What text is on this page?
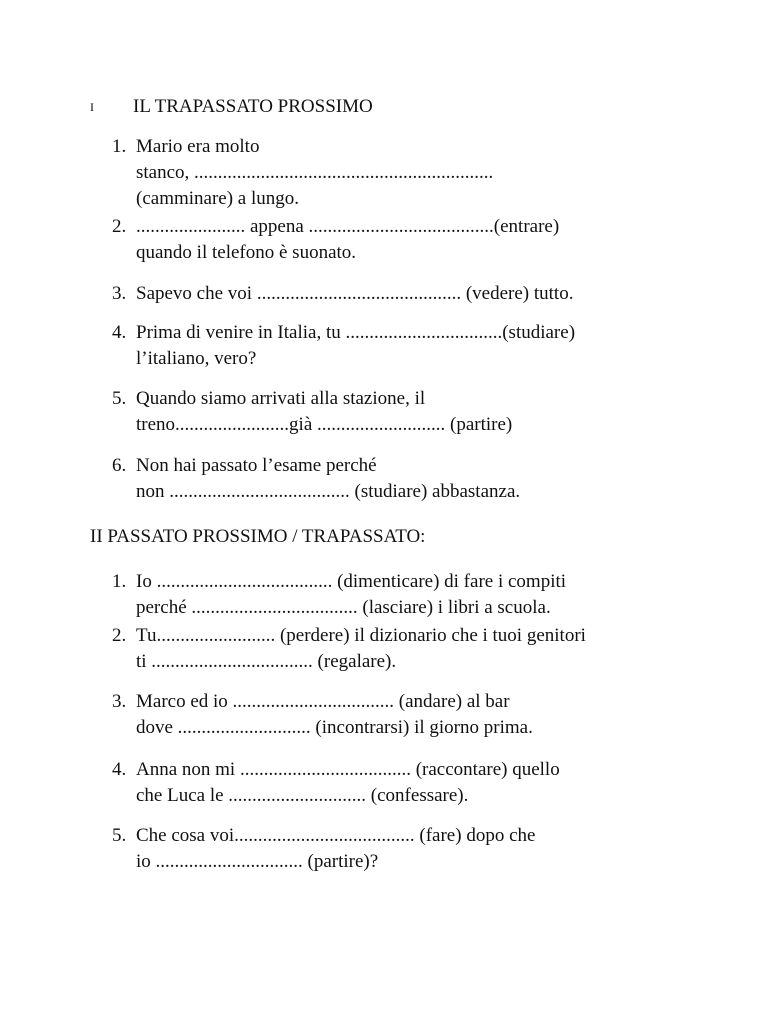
I IL TRAPASSATO PROSSIMO
1. Mario era molto
stanco, ...............................................................
(camminare) a lungo.
2. ....................... appena .......................................(entrare)
quando il telefono è suonato.
3. Sapevo che voi ........................................... (vedere) tutto.
4. Prima di venire in Italia, tu .................................(studiare)
l’italiano, vero?
5. Quando siamo arrivati alla stazione, il
treno........................già ........................... (partire)
6. Non hai passato l’esame perché
non ...................................... (studiare) abbastanza.
II PASSATO PROSSIMO / TRAPASSATO:
1. Io ..................................... (dimenticare) di fare i compiti
perché ................................... (lasciare) i libri a scuola.
2. Tu......................... (perdere) il dizionario che i tuoi genitori
ti .................................. (regalare).
3. Marco ed io .................................. (andare) al bar
dove ............................ (incontrarsi) il giorno prima.
4. Anna non mi .................................... (raccontare) quello
che Luca le ............................. (confessare).
5. Che cosa voi...................................... (fare) dopo che
io ............................... (partire)?
